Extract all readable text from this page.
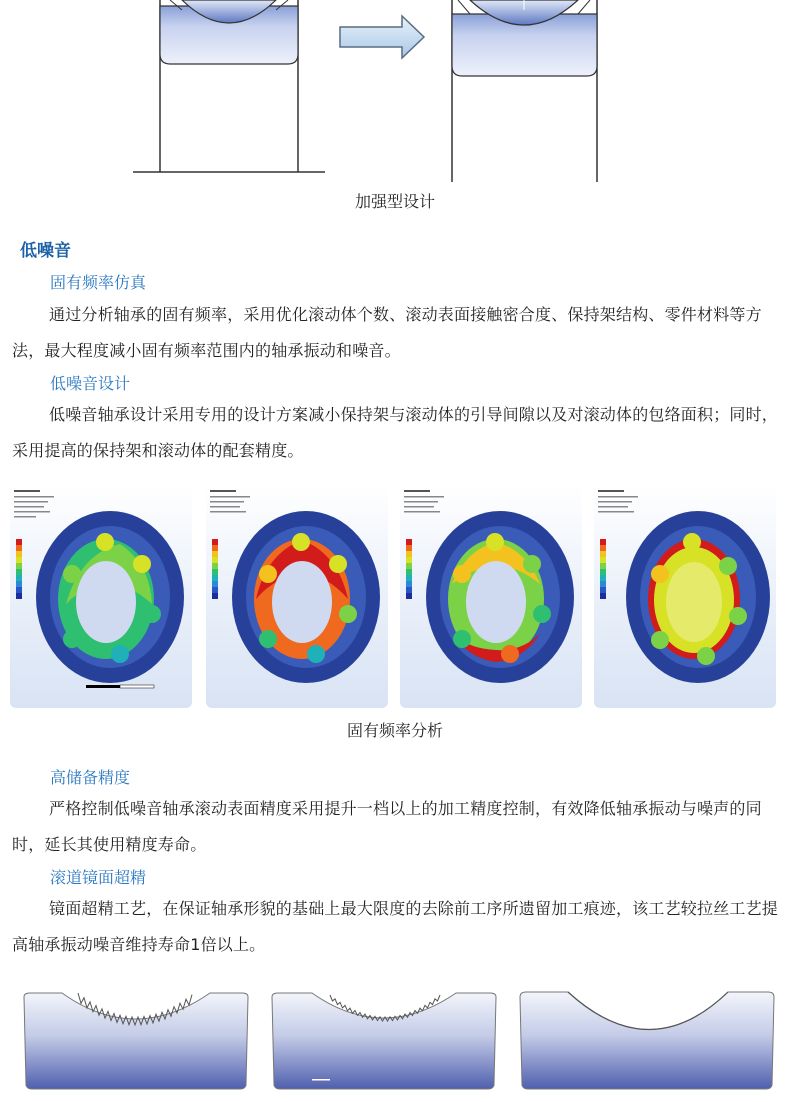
加强型设计
低噪音
固有频率仿真
通过分析轴承的固有频率，采用优化滚动体个数、滚动表面接触密合度、保持架结构、零件材料等方法，最大程度减小固有频率范围内的轴承振动和噪音。
低噪音设计
低噪音轴承设计采用专用的设计方案减小保持架与滚动体的引导间隙以及对滚动体的包络面积；同时，采用提高的保持架和滚动体的配套精度。
固有频率分析
高储备精度
严格控制低噪音轴承滚动表面精度采用提升一档以上的加工精度控制，有效降低轴承振动与噪声的同时，延长其使用精度寿命。
滚道镜面超精
镜面超精工艺，在保证轴承形貌的基础上最大限度的去除前工序所遗留加工痕迹，该工艺较拉丝工艺提高轴承振动噪音维持寿命1倍以上。
